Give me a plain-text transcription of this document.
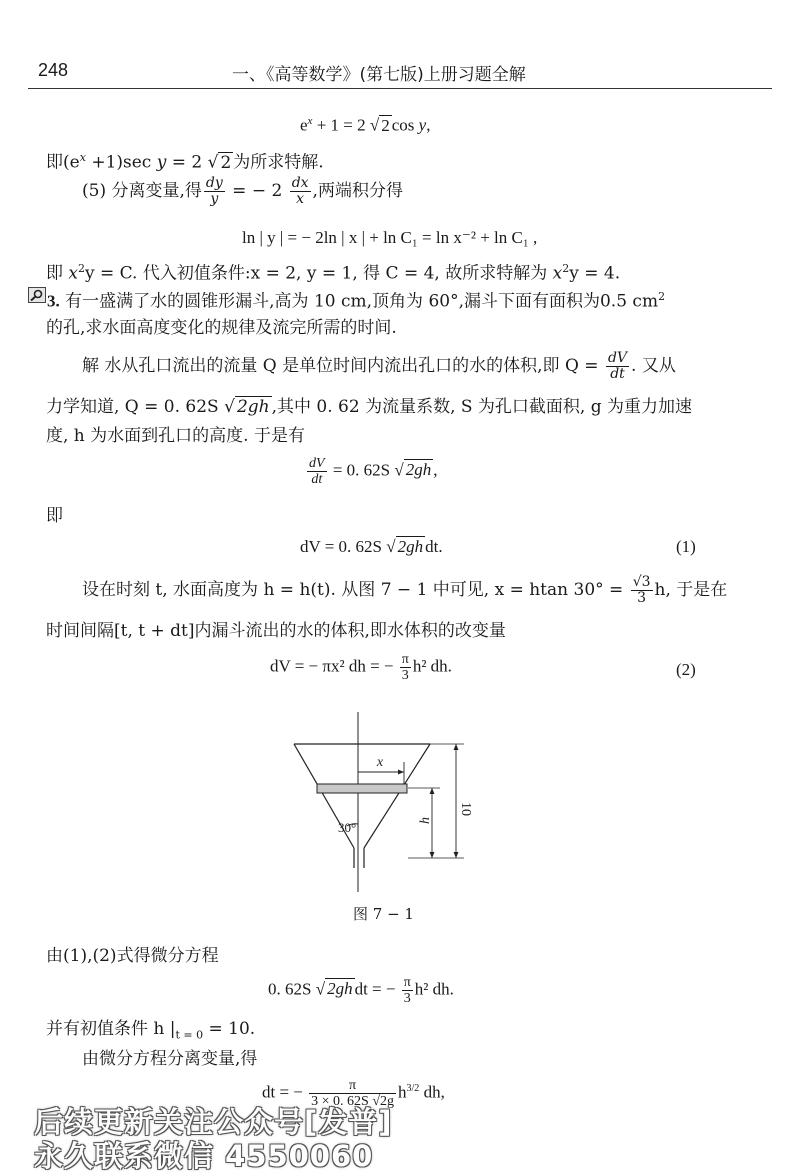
248	一、《高等数学》(第七版)上册习题全解
$e^x + 1 = 2$ √ 2 cos y,
即$(e^x +1)\sec$ y = 2 √ 2 为所求特解.
(5) 分离变量,得 $\frac{dy}{y}$ = − $2 \frac{dx}{x}$ ,两端积分得
ln | y | = − 2ln | x | + ln C₁ = ln x⁻² + ln C₁ ,
即 $x^2y = C$. 代入初值条件:x = 2, y = 1, 得 C = 4, 故所求特解为 $x^2y = 4$.
3. 有一盛满了水的圆锥形漏斗,高为 10 cm,顶角为 60°,漏斗下面有面积为0.5 $cm^2$
的孔,求水面高度变化的规律及流完所需的时间.
解 水从孔口流出的流量 Q 是单位时间内流出孔口的水的体积,即 $Q = \frac{dV}{dt}$ . 又从
力学知道, Q = 0. 62S √ 2gh ,其中 0. 62 为流量系数, S 为孔口截面积, g 为重力加速
度, h 为水面到孔口的高度. 于是有
$\frac{dV}{dt} = 0$. 62S √ 2gh ,
即
dV = 0. 62S √ 2gh dt.	(1)
设在时刻 t, 水面高度为 h = h(t). 从图 7 − 1 中可见, x = htan $30^\circ = \frac{√3}{3} h$, 于是在
时间间隔[t, t + dt]内漏斗流出的水的体积,即水体积的改变量
dV = − πx² dh = − $\frac{\pi}{3} h^2$ dh.	(2)
x
h
10
30°
图 7 − 1
由(1),(2)式得微分方程
0. 62S √ 2gh dt = − $\frac{\pi}{3} h^2$ dh.
并有初值条件 h $|_{t = 0} = 10$.
由微分方程分离变量,得
dt = − $\frac{\pi}{3 \times 0. 62S √2g} h^{3/2}$ dh,
后续更新关注公众号[发普]
永久联系微信 4550060
